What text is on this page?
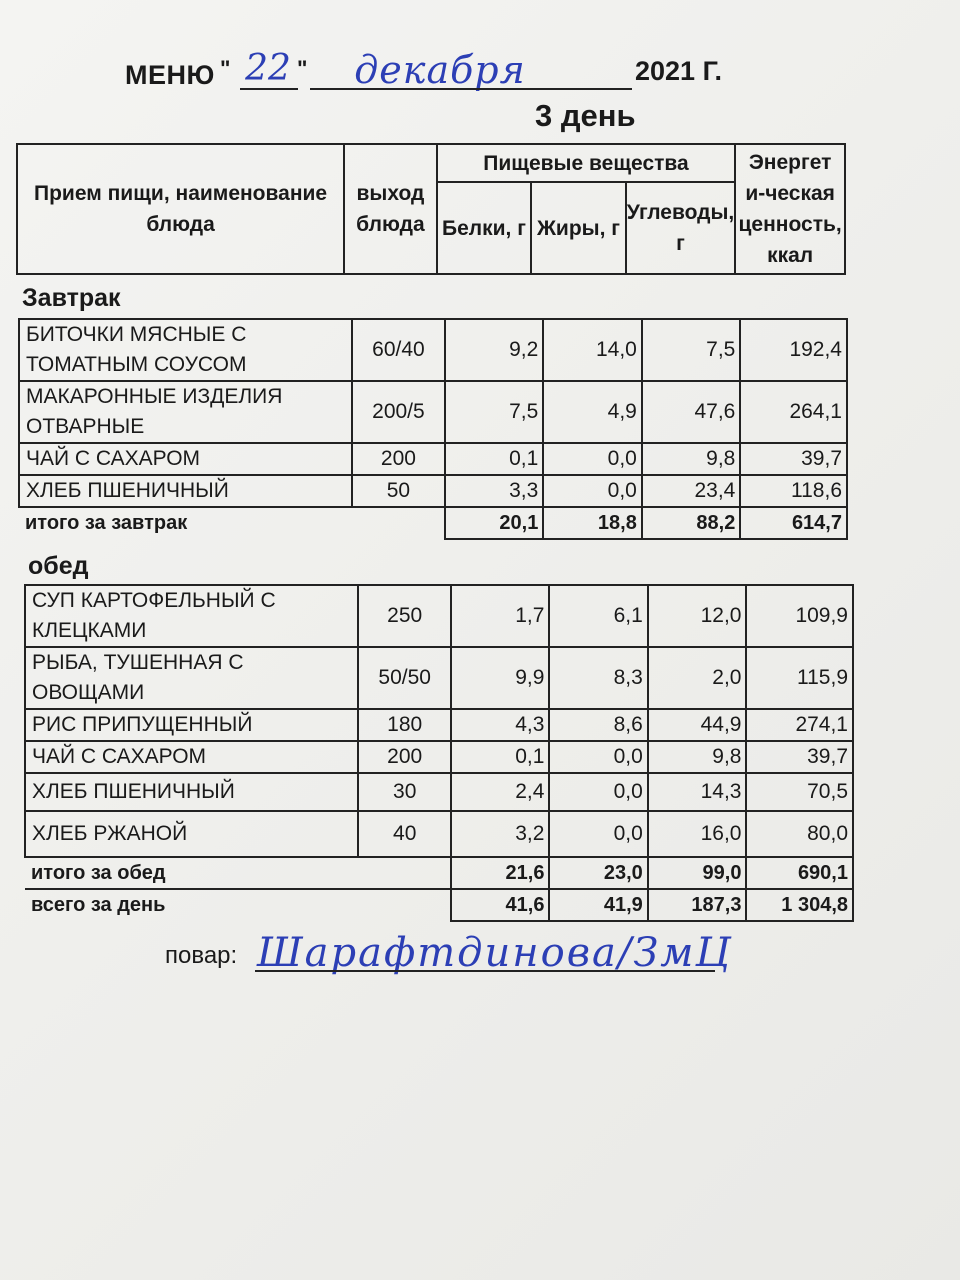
МЕНЮ " 22 "	декабря	2021 Г.
3 день
Прием пищи, наименование блюда	выход блюда	Пищевые вещества			Энергет и-ческая ценность, ккал
		Белки, г	Жиры, г	Углеводы, г	
Завтрак
БИТОЧКИ МЯСНЫЕ С ТОМАТНЫМ СОУСОМ	60/40	9,2	14,0	7,5	192,4
МАКАРОННЫЕ ИЗДЕЛИЯ ОТВАРНЫЕ	200/5	7,5	4,9	47,6	264,1
ЧАЙ С САХАРОМ	200	0,1	0,0	9,8	39,7
ХЛЕБ ПШЕНИЧНЫЙ	50	3,3	0,0	23,4	118,6
итого за завтрак		20,1	18,8	88,2	614,7
обед
СУП КАРТОФЕЛЬНЫЙ С КЛЕЦКАМИ	250	1,7	6,1	12,0	109,9
РЫБА, ТУШЕННАЯ С ОВОЩАМИ	50/50	9,9	8,3	2,0	115,9
РИС ПРИПУЩЕННЫЙ	180	4,3	8,6	44,9	274,1
ЧАЙ С САХАРОМ	200	0,1	0,0	9,8	39,7
ХЛЕБ ПШЕНИЧНЫЙ	30	2,4	0,0	14,3	70,5
ХЛЕБ РЖАНОЙ	40	3,2	0,0	16,0	80,0
итого за обед		21,6	23,0	99,0	690,1
всего за день		41,6	41,9	187,3	1 304,8
повар: Шарафтдинова/ЗмЦ
